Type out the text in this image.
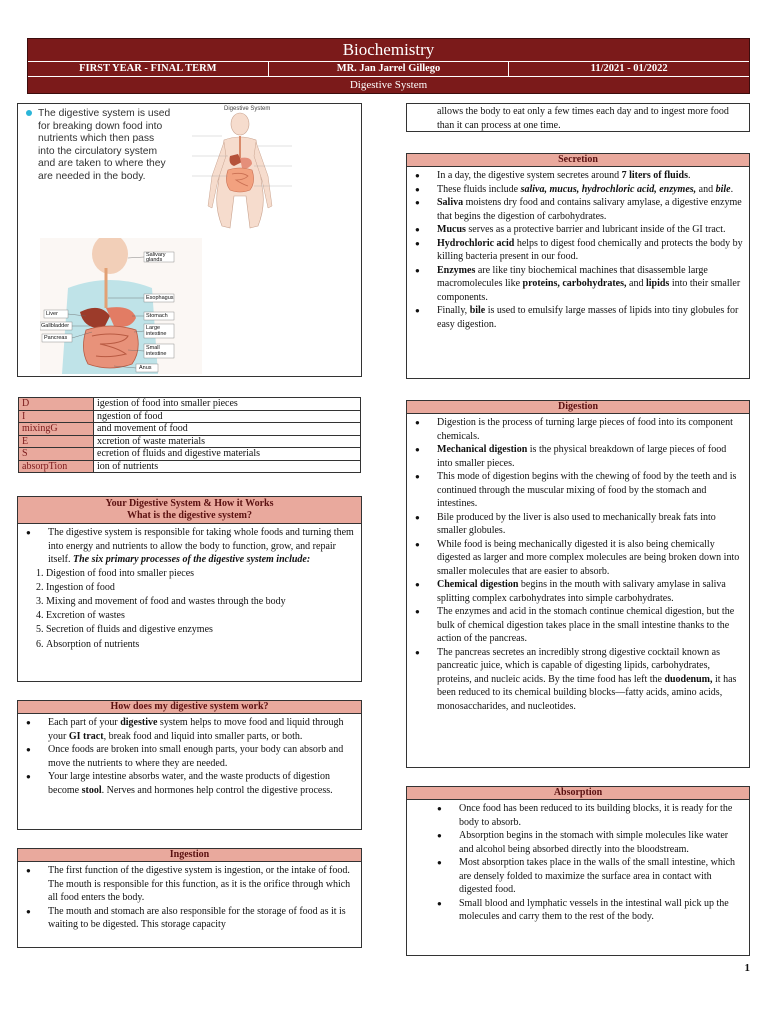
Biochemistry
FIRST YEAR - FINAL TERM	MR. Jan Jarrel Gillego	11/2021 - 01/2022
Digestive System
The digestive system is used for breaking down food into nutrients which then pass into the circulatory system and are taken to where they are needed in the body.
Digestive System
Salivary glands
Esophagus
Liver	Stomach
Gallbladder	Large intestine
Pancreas
Small intestine
Anus
D	igestion of food into smaller pieces
I	ngestion of food
mixingG	and movement of food
E	xcretion of waste materials
S	ecretion of fluids and digestive materials
absorpTion	ion of nutrients
Your Digestive System & How it Works
What is the digestive system?
● The digestive system is responsible for taking whole foods and turning them into energy and nutrients to allow the body to function, grow, and repair itself. The six primary processes of the digestive system include:
1. Digestion of food into smaller pieces
2. Ingestion of food
3. Mixing and movement of food and wastes through the body
4. Excretion of wastes
5. Secretion of fluids and digestive enzymes
6. Absorption of nutrients
How does my digestive system work?
● Each part of your digestive system helps to move food and liquid through your GI tract, break food and liquid into smaller parts, or both.
● Once foods are broken into small enough parts, your body can absorb and move the nutrients to where they are needed.
● Your large intestine absorbs water, and the waste products of digestion become stool. Nerves and hormones help control the digestive process.
Ingestion
● The first function of the digestive system is ingestion, or the intake of food.
The mouth is responsible for this function, as it is the orifice through which all food enters the body.
● The mouth and stomach are also responsible for the storage of food as it is waiting to be digested. This storage capacity
allows the body to eat only a few times each day and to ingest more food than it can process at one time.
Secretion
● In a day, the digestive system secretes around 7 liters of fluids.
● These fluids include saliva, mucus, hydrochloric acid, enzymes, and bile.
● Saliva moistens dry food and contains salivary amylase, a digestive enzyme that begins the digestion of carbohydrates.
● Mucus serves as a protective barrier and lubricant inside of the GI tract.
● Hydrochloric acid helps to digest food chemically and protects the body by killing bacteria present in our food.
● Enzymes are like tiny biochemical machines that disassemble large macromolecules like proteins, carbohydrates, and lipids into their smaller components.
● Finally, bile is used to emulsify large masses of lipids into tiny globules for easy digestion.
Digestion
● Digestion is the process of turning large pieces of food into its component chemicals.
● Mechanical digestion is the physical breakdown of large pieces of food into smaller pieces.
● This mode of digestion begins with the chewing of food by the teeth and is continued through the muscular mixing of food by the stomach and intestines.
● Bile produced by the liver is also used to mechanically break fats into smaller globules.
● While food is being mechanically digested it is also being chemically digested as larger and more complex molecules are being broken down into smaller molecules that are easier to absorb.
● Chemical digestion begins in the mouth with salivary amylase in saliva splitting complex carbohydrates into simple carbohydrates.
● The enzymes and acid in the stomach continue chemical digestion, but the bulk of chemical digestion takes place in the small intestine thanks to the action of the pancreas.
● The pancreas secretes an incredibly strong digestive cocktail known as pancreatic juice, which is capable of digesting lipids, carbohydrates, proteins, and nucleic acids. By the time food has left the duodenum, it has been reduced to its chemical building blocks—fatty acids, amino acids, monosaccharides, and nucleotides.
Absorption
● Once food has been reduced to its building blocks, it is ready for the body to absorb.
● Absorption begins in the stomach with simple molecules like water and alcohol being absorbed directly into the bloodstream.
● Most absorption takes place in the walls of the small intestine, which are densely folded to maximize the surface area in contact with digested food.
● Small blood and lymphatic vessels in the intestinal wall pick up the molecules and carry them to the rest of the body.
1
